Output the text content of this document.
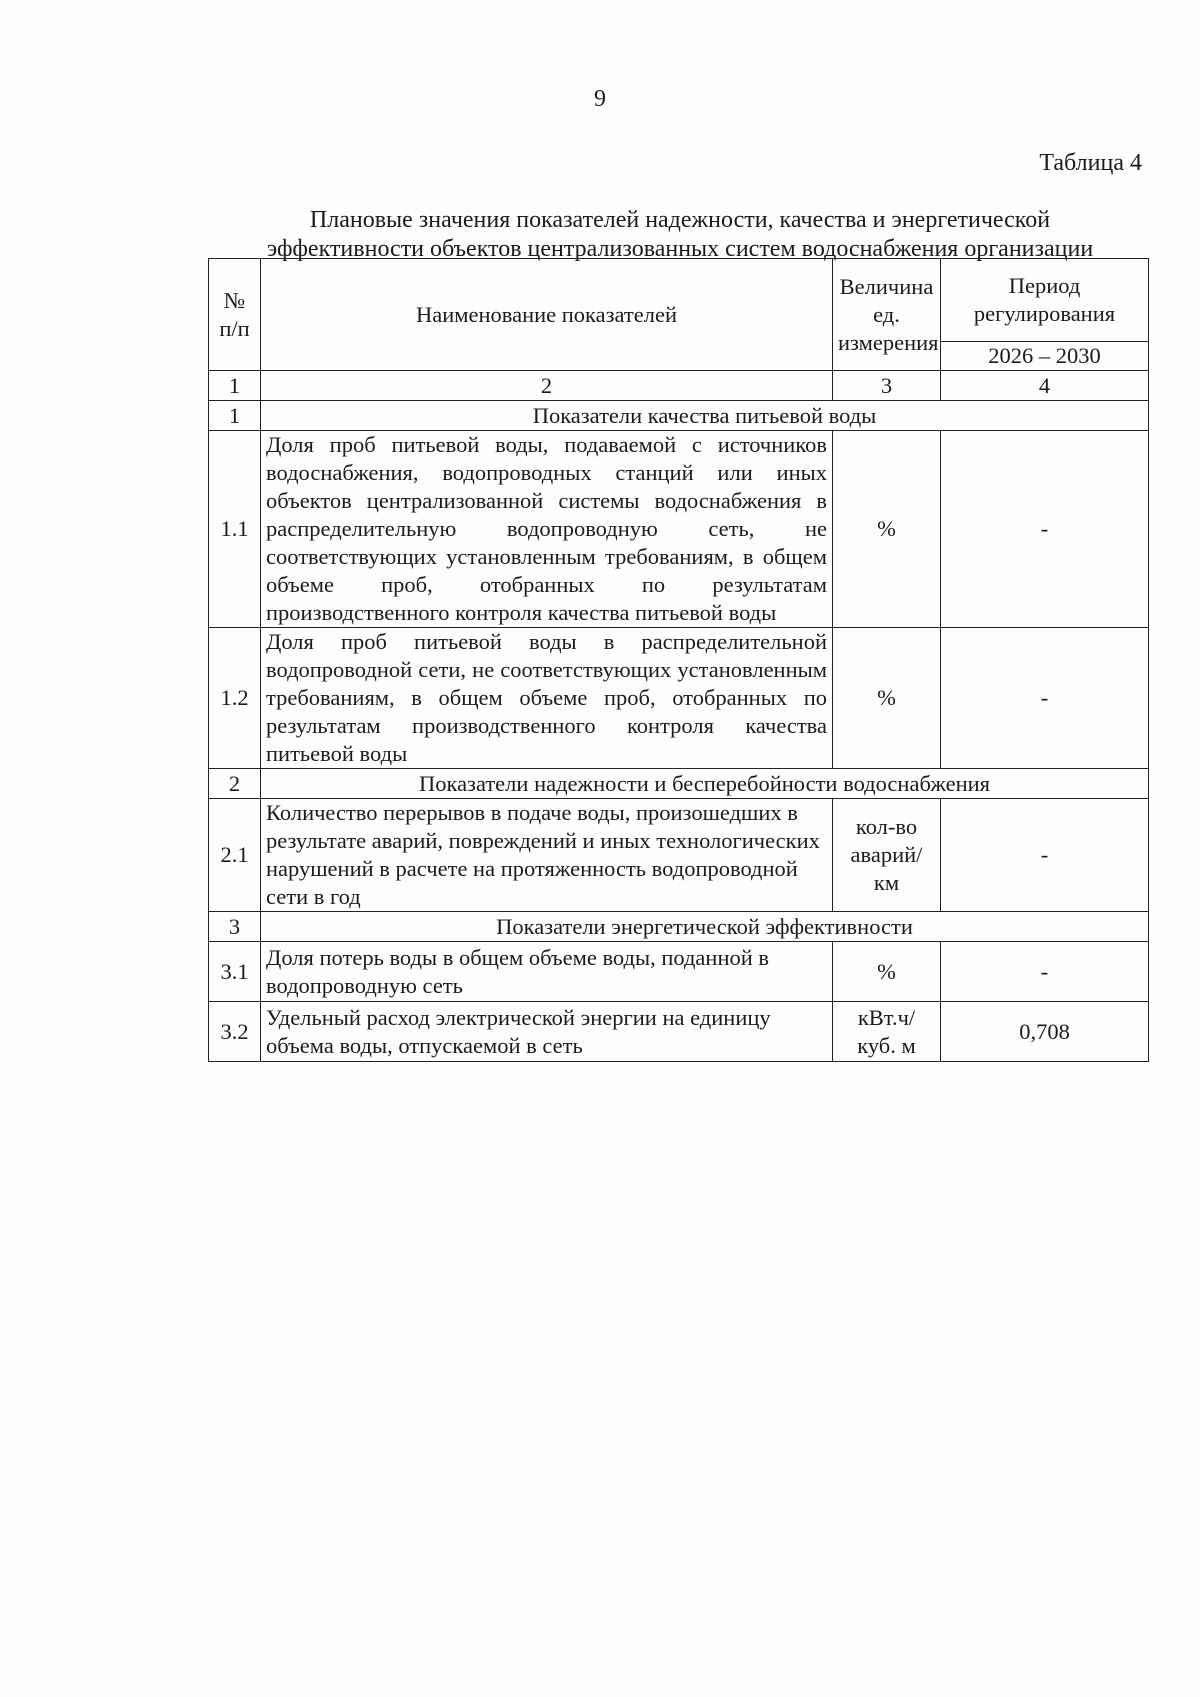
9
Таблица 4
Плановые значения показателей надежности, качества и энергетической эффективности объектов централизованных систем водоснабжения организации
№ п/п	Наименование показателей	Величина ед. измерения	Период регулирования
			2026 – 2030
1	2	3	4
1	Показатели качества питьевой воды		
1.1	Доля проб питьевой воды, подаваемой с источников водоснабжения, водопроводных станций или иных объектов централизованной системы водоснабжения в распределительную водопроводную сеть, не соответствующих установленным требованиям, в общем объеме проб, отобранных по результатам производственного контроля качества питьевой воды	%	-
1.2	Доля проб питьевой воды в распределительной водопроводной сети, не соответствующих установленным требованиям, в общем объеме проб, отобранных по результатам производственного контроля качества питьевой воды	%	-
2	Показатели надежности и бесперебойности водоснабжения		
2.1	Количество перерывов в подаче воды, произошедших в результате аварий, повреждений и иных технологических нарушений в расчете на протяженность водопроводной сети в год	кол-во аварий/ км	-
3	Показатели энергетической эффективности		
3.1	Доля потерь воды в общем объеме воды, поданной в водопроводную сеть	%	-
3.2	Удельный расход электрической энергии на единицу объема воды, отпускаемой в сеть	кВт.ч/ куб. м	0,708
